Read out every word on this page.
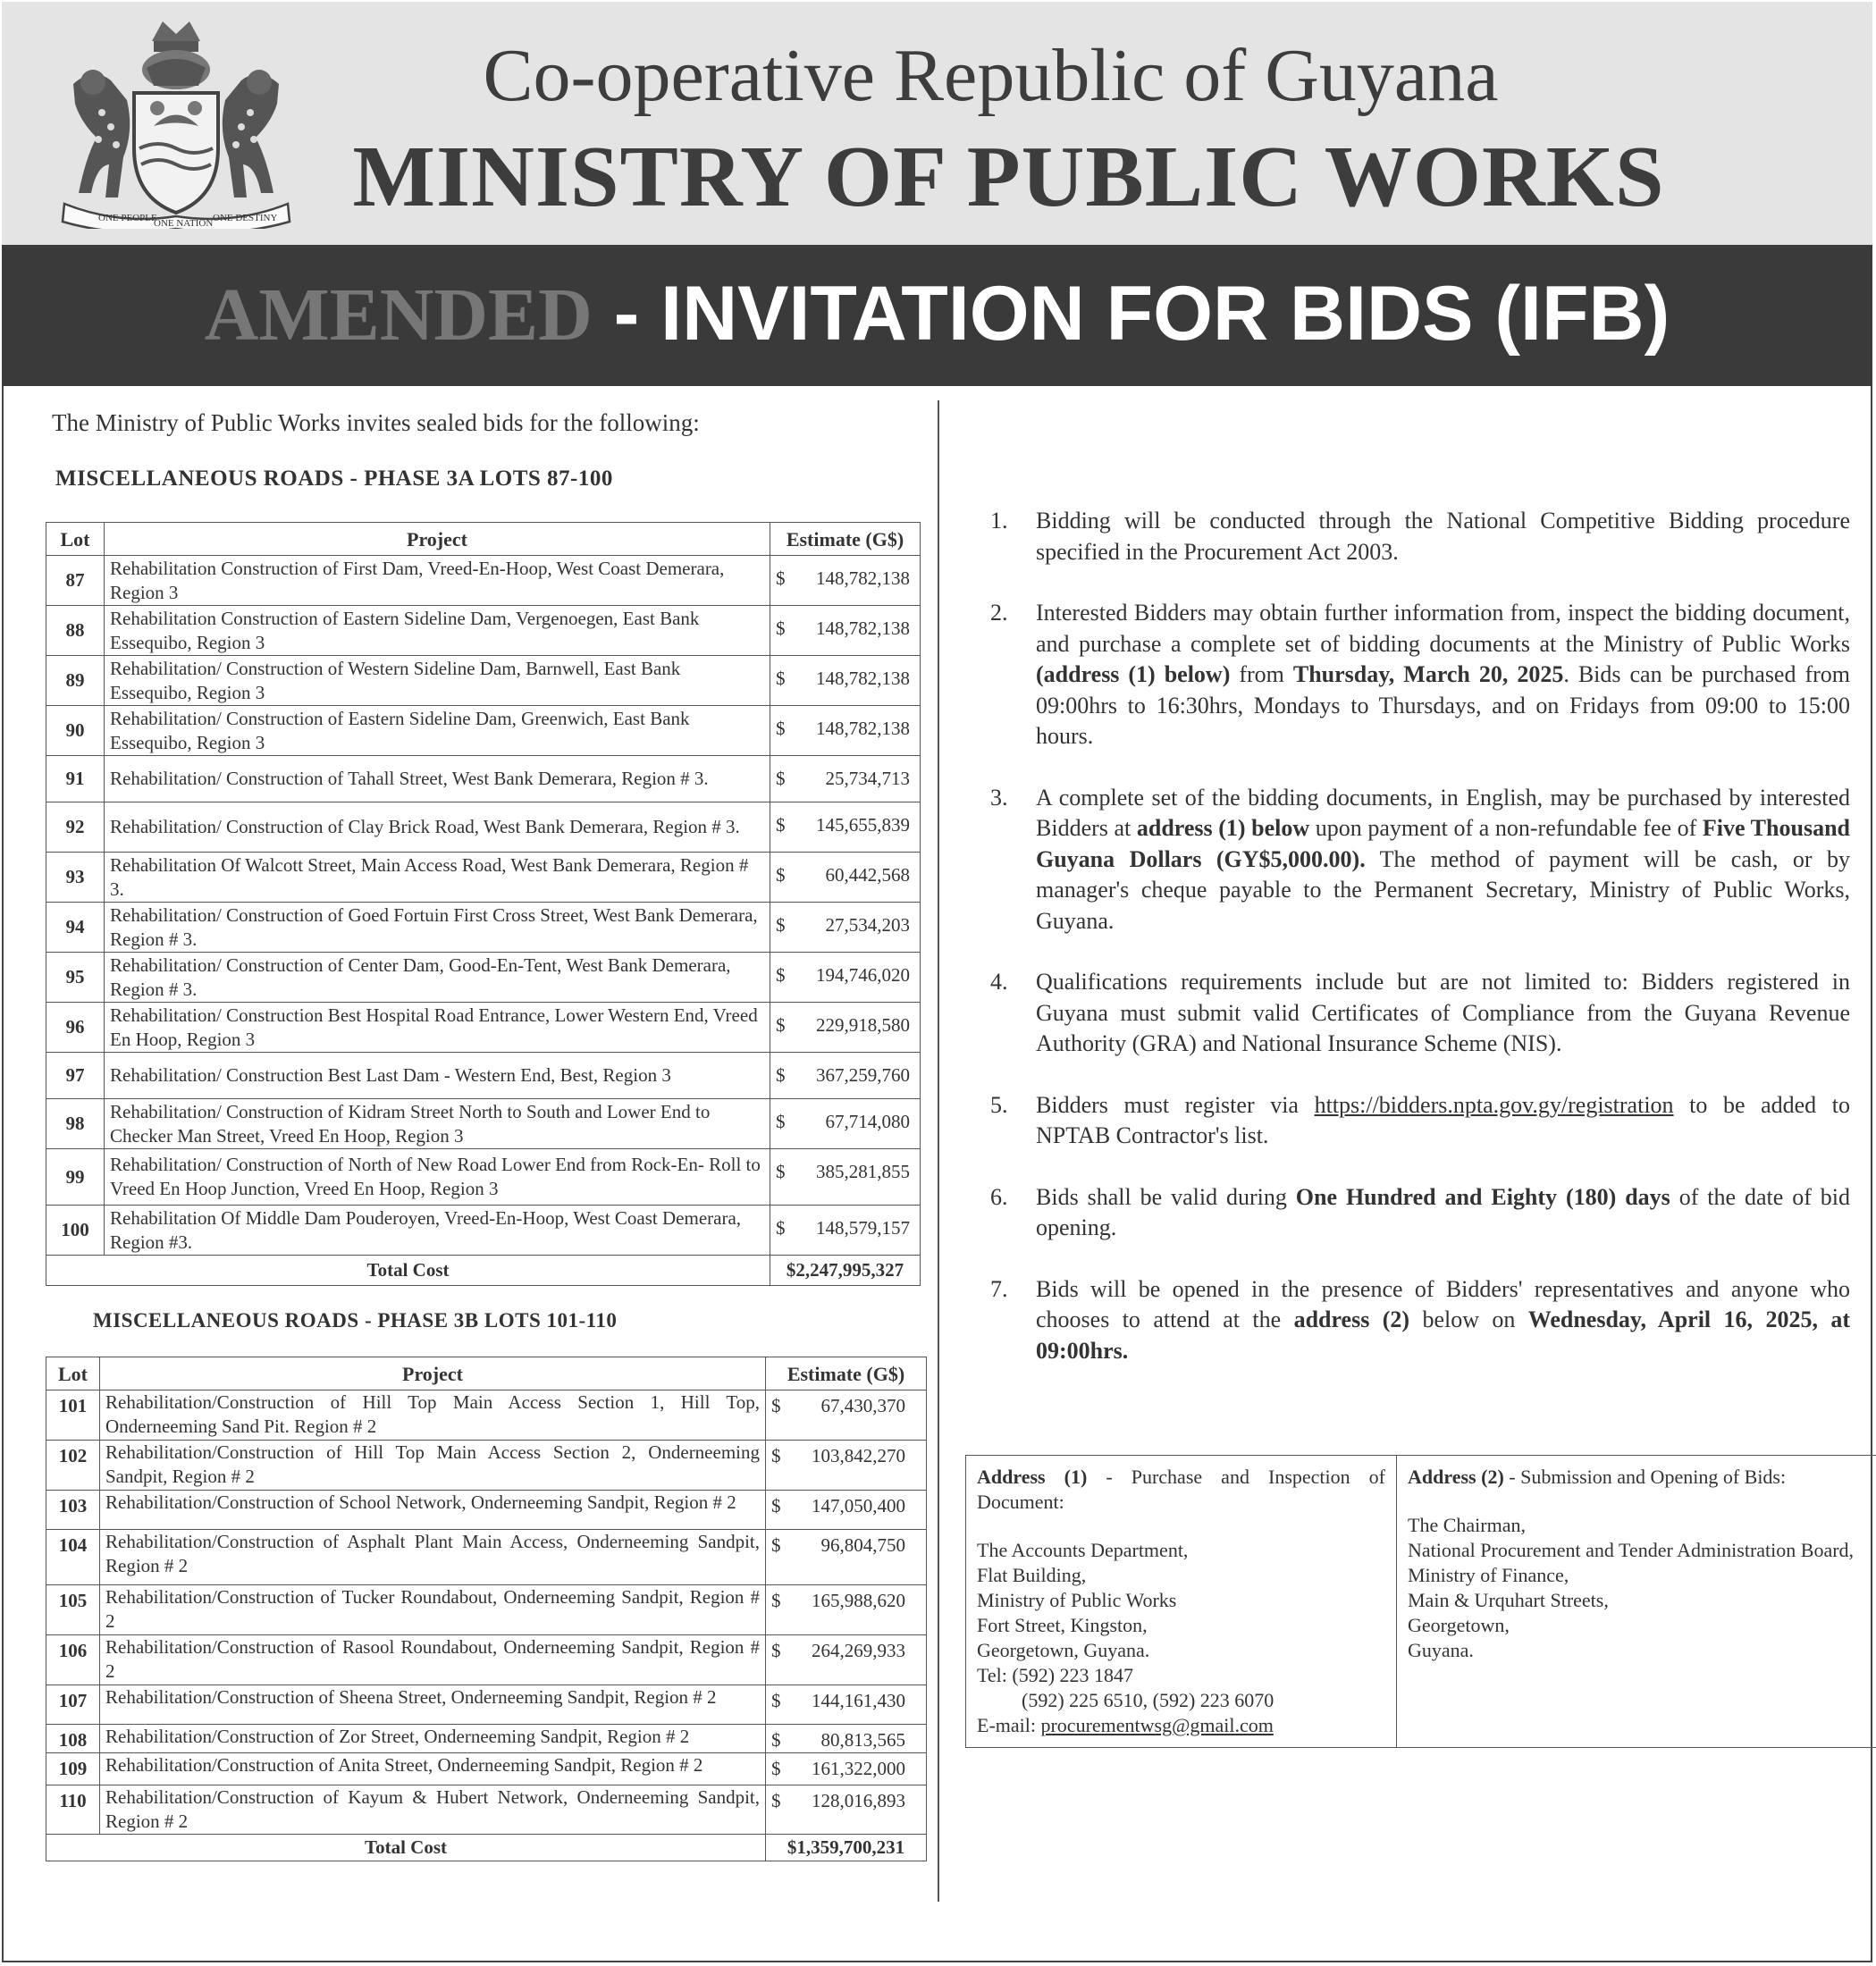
ONE PEOPLE
ONE NATION ONE DESTINY
Co-operative Republic of Guyana
MINISTRY OF PUBLIC WORKS
AMENDED - INVITATION FOR BIDS (IFB)
The Ministry of Public Works invites sealed bids for the following:
MISCELLANEOUS ROADS - PHASE 3A LOTS 87-100
Lot	Project	Estimate (G$)
87	Rehabilitation Construction of First Dam, Vreed-En-Hoop, West Coast Demerara, Region 3	$ 148,782,138
88	Rehabilitation Construction of Eastern Sideline Dam, Vergenoegen, East Bank Essequibo, Region 3	$ 148,782,138
89	Rehabilitation/ Construction of Western Sideline Dam, Barnwell, East Bank Essequibo, Region 3	$ 148,782,138
90	Rehabilitation/ Construction of Eastern Sideline Dam, Greenwich, East Bank Essequibo, Region 3	$ 148,782,138
91	Rehabilitation/ Construction of Tahall Street, West Bank Demerara, Region # 3.	$ 25,734,713
92	Rehabilitation/ Construction of Clay Brick Road, West Bank Demerara, Region # 3.	$ 145,655,839
93	Rehabilitation Of Walcott Street, Main Access Road, West Bank Demerara, Region # 3.	$ 60,442,568
94	Rehabilitation/ Construction of Goed Fortuin First Cross Street, West Bank Demerara, Region # 3.	$ 27,534,203
95	Rehabilitation/ Construction of Center Dam, Good-En-Tent, West Bank Demerara, Region # 3.	$ 194,746,020
96	Rehabilitation/ Construction Best Hospital Road Entrance, Lower Western End, Vreed En Hoop, Region 3	$ 229,918,580
97	Rehabilitation/ Construction Best Last Dam - Western End, Best, Region 3	$ 367,259,760
98	Rehabilitation/ Construction of Kidram Street North to South and Lower End to Checker Man Street, Vreed En Hoop, Region 3	$ 67,714,080
99	Rehabilitation/ Construction of North of New Road Lower End from Rock-En- Roll to Vreed En Hoop Junction, Vreed En Hoop, Region 3	$ 385,281,855
100	Rehabilitation Of Middle Dam Pouderoyen, Vreed-En-Hoop, West Coast Demerara, Region #3.	$ 148,579,157
Total Cost		$2,247,995,327
MISCELLANEOUS ROADS - PHASE 3B LOTS 101-110
Lot	Project	Estimate (G$)
101	Rehabilitation/Construction of Hill Top Main Access Section 1, Hill Top, Onderneeming Sand Pit. Region # 2	$ 67,430,370
102	Rehabilitation/Construction of Hill Top Main Access Section 2, Onderneeming Sandpit, Region # 2	$ 103,842,270
103	Rehabilitation/Construction of School Network, Onderneeming Sandpit, Region # 2	$ 147,050,400
104	Rehabilitation/Construction of Asphalt Plant Main Access, Onderneeming Sandpit, Region # 2	$ 96,804,750
105	Rehabilitation/Construction of Tucker Roundabout, Onderneeming Sandpit, Region # 2	$ 165,988,620
106	Rehabilitation/Construction of Rasool Roundabout, Onderneeming Sandpit, Region # 2	$ 264,269,933
107	Rehabilitation/Construction of Sheena Street, Onderneeming Sandpit, Region # 2	$ 144,161,430
108	Rehabilitation/Construction of Zor Street, Onderneeming Sandpit, Region # 2	$ 80,813,565
109	Rehabilitation/Construction of Anita Street, Onderneeming Sandpit, Region # 2	$ 161,322,000
110	Rehabilitation/Construction of Kayum & Hubert Network, Onderneeming Sandpit, Region # 2	$ 128,016,893
Total Cost		$1,359,700,231
1. Bidding will be conducted through the National Competitive Bidding procedure specified in the Procurement Act 2003.
2. Interested Bidders may obtain further information from, inspect the bidding document, and purchase a complete set of bidding documents at the Ministry of Public Works (address (1) below) from Thursday, March 20, 2025. Bids can be purchased from 09:00hrs to 16:30hrs, Mondays to Thursdays, and on Fridays from 09:00 to 15:00 hours.
3. A complete set of the bidding documents, in English, may be purchased by interested Bidders at address (1) below upon payment of a non-refundable fee of Five Thousand Guyana Dollars (GY$5,000.00). The method of payment will be cash, or by manager's cheque payable to the Permanent Secretary, Ministry of Public Works, Guyana.
4. Qualifications requirements include but are not limited to: Bidders registered in Guyana must submit valid Certificates of Compliance from the Guyana Revenue Authority (GRA) and National Insurance Scheme (NIS).
5. Bidders must register via https://bidders.npta.gov.gy/registration to be added to NPTAB Contractor's list.
6. Bids shall be valid during One Hundred and Eighty (180) days of the date of bid opening.
7. Bids will be opened in the presence of Bidders' representatives and anyone who chooses to attend at the address (2) below on Wednesday, April 16, 2025, at 09:00hrs.
Address (1) - Purchase and Inspection of Document:
The Accounts Department,
Flat Building,
Ministry of Public Works
Fort Street, Kingston,
Georgetown, Guyana.
Tel: (592) 223 1847
(592) 225 6510, (592) 223 6070
E-mail: procurementwsg@gmail.com

Address (2) - Submission and Opening of Bids:
The Chairman,
National Procurement and Tender Administration Board,
Ministry of Finance,
Main & Urquhart Streets,
Georgetown,
Guyana.
